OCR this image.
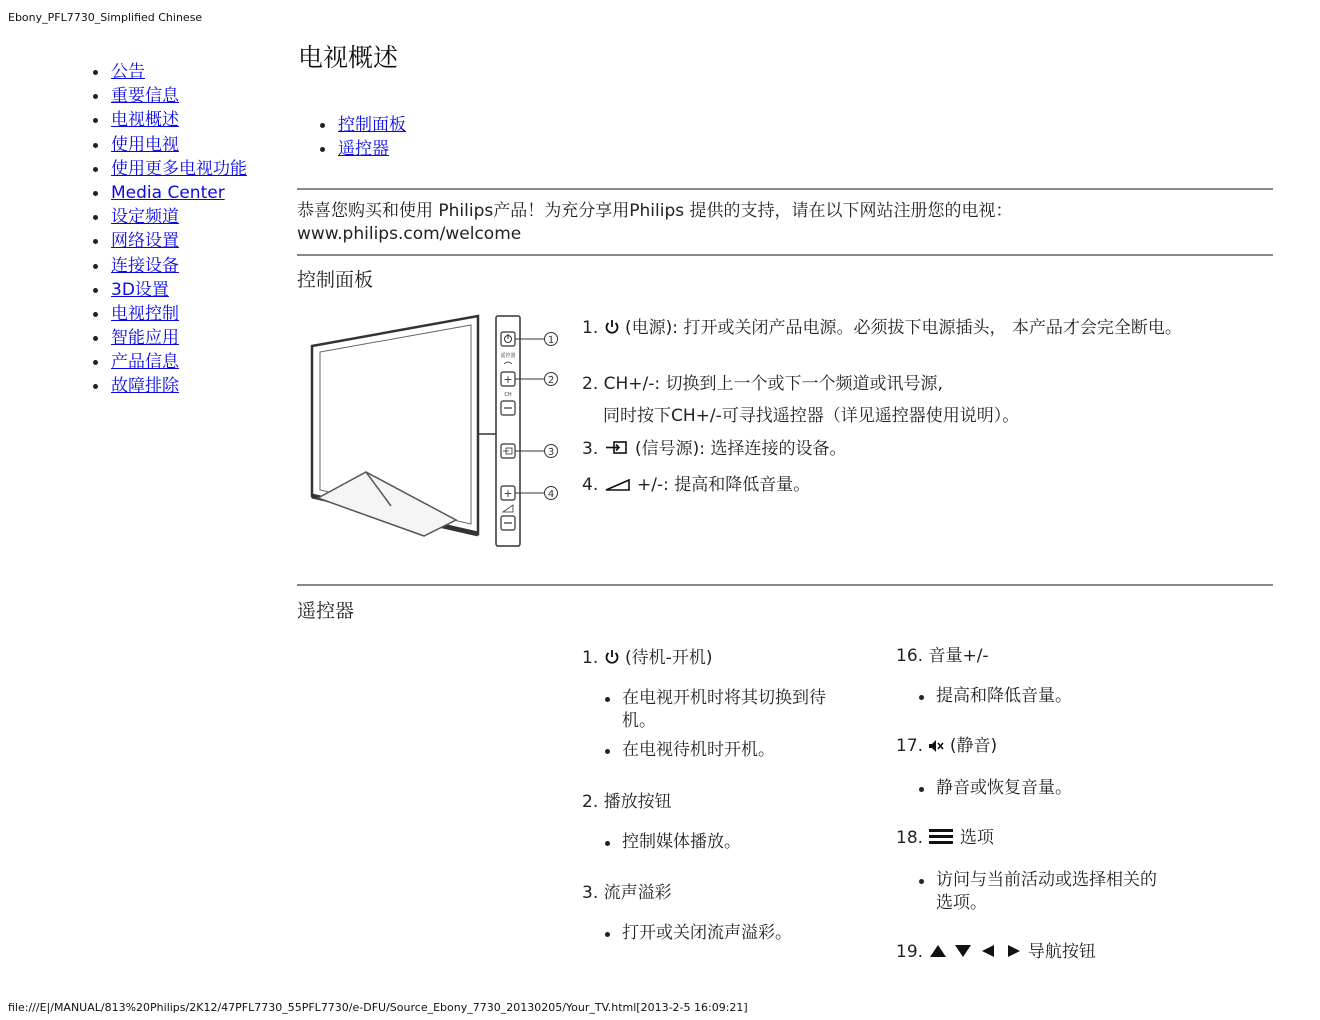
Ebony_PFL7730_Simplified Chinese
公告
重要信息
电视概述
使用电视
使用更多电视功能
Media Center
设定频道
网络设置
连接设备
3D设置
电视控制
智能应用
产品信息
故障排除
电视概述
控制面板
遥控器
恭喜您购买和使用 Philips产品！为充分享用Philips 提供的支持，请在以下网站注册您的电视：
www.philips.com/welcome
控制面板
遥控器
+
CH
+
1
2
3
4
1. (电源): 打开或关闭产品电源。必须拔下电源插头， 本产品才会完全断电。
2. CH+/-: 切换到上一个或下一个频道或讯号源,
同时按下CH+/-可寻找遥控器（详见遥控器使用说明）。
3. (信号源): 选择连接的设备。
4. +/-: 提高和降低音量。
遥控器
1. (待机-开机)
在电视开机时将其切换到待机。
在电视待机时开机。
2. 播放按钮
控制媒体播放。
3. 流声溢彩
打开或关闭流声溢彩。
16. 音量+/-
提高和降低音量。
17. (静音)
静音或恢复音量。
18. 选项
访问与当前活动或选择相关的选项。
19.	导航按钮
file:///E|/MANUAL/813%20Philips/2K12/47PFL7730_55PFL7730/e-DFU/Source_Ebony_7730_20130205/Your_TV.html[2013-2-5 16:09:21]
